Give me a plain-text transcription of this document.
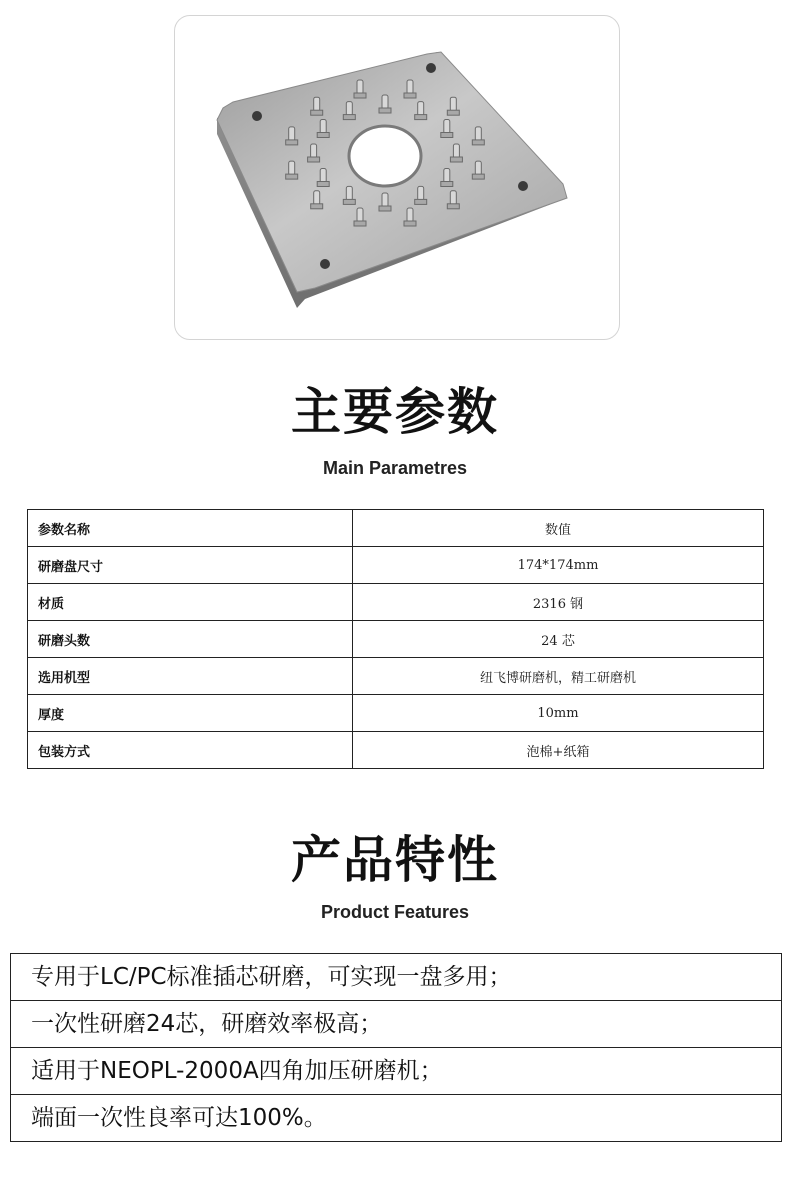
主要参数
Main Parametres
参数名称	数值
研磨盘尺寸	174*174mm
材质	2316 钢
研磨头数	24 芯
选用机型	纽飞博研磨机，精工研磨机
厚度	10mm
包装方式	泡棉+纸箱
产品特性
Product Features
专用于LC/PC标准插芯研磨，可实现一盘多用；
一次性研磨24芯，研磨效率极高；
适用于NEOPL-2000A四角加压研磨机；
端面一次性良率可达100%。
